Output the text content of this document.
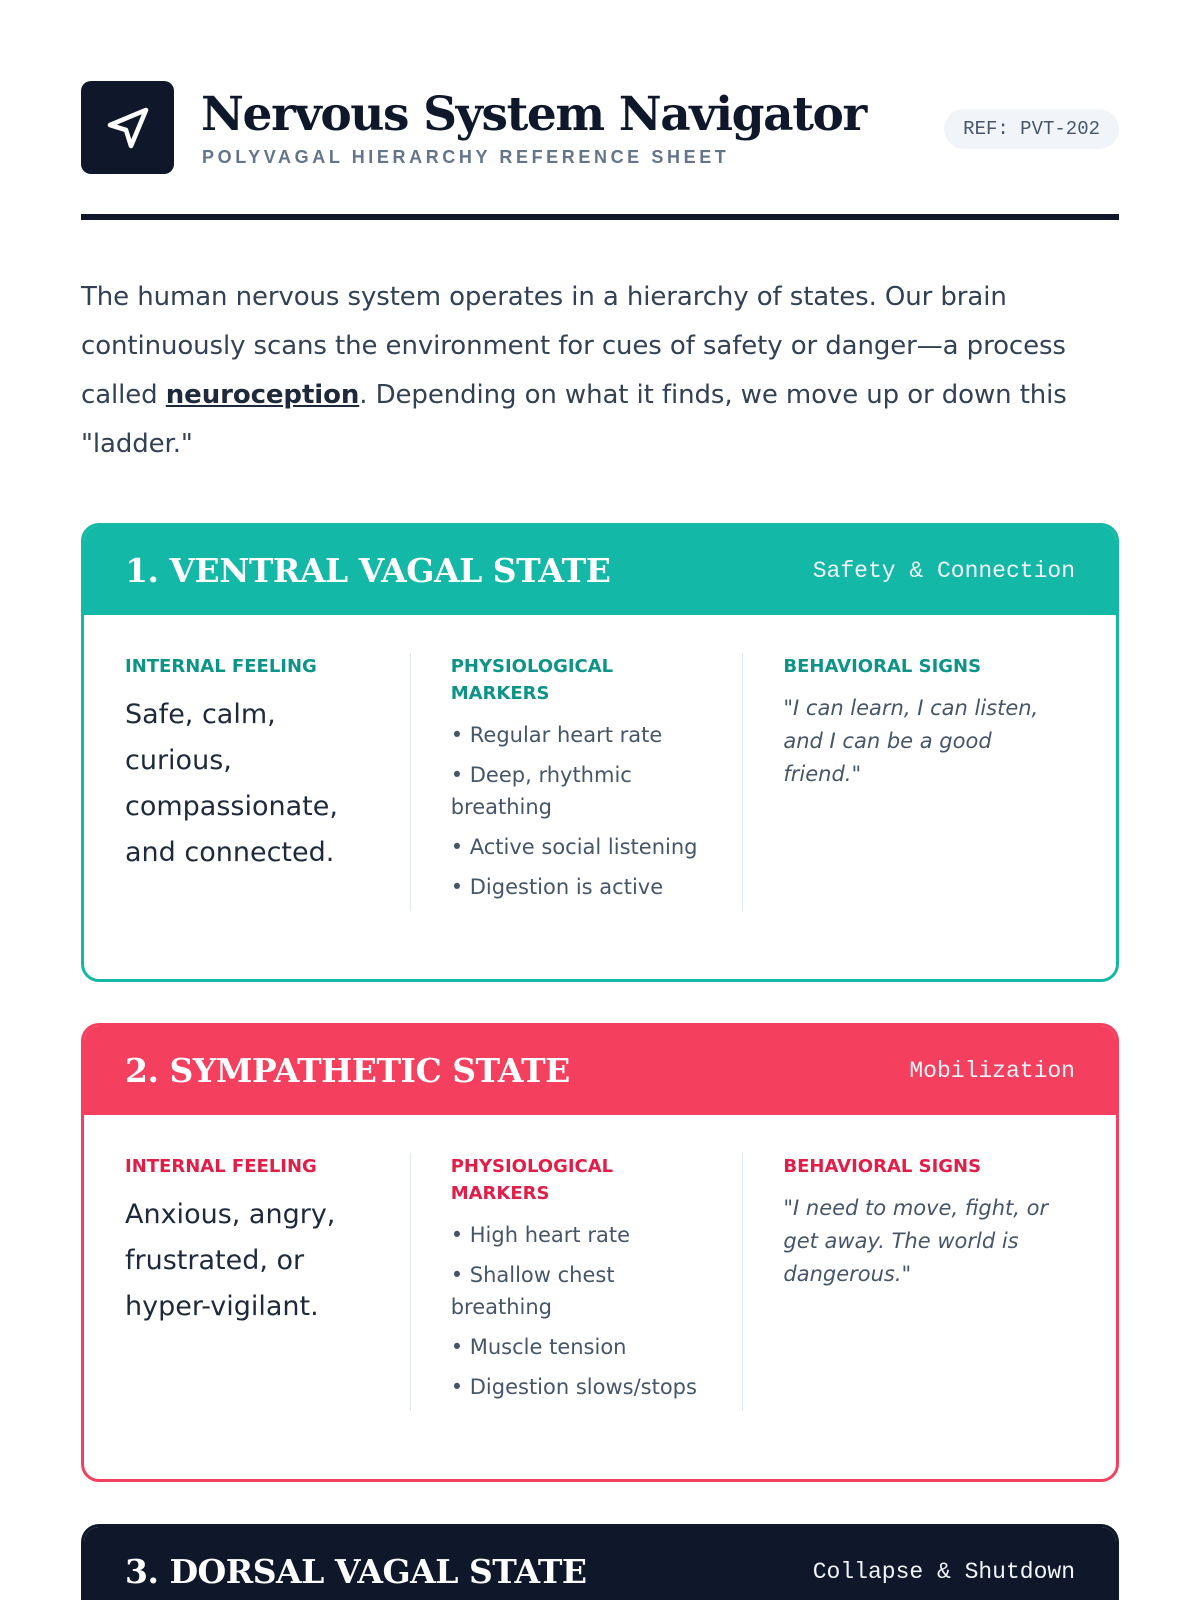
Nervous System Navigator
POLYVAGAL HIERARCHY REFERENCE SHEET
REF: PVT-202

The human nervous system operates in a hierarchy of states. Our brain continuously scans the environment for cues of safety or danger—a process called neuroception. Depending on what it finds, we move up or down this "ladder."

1. VENTRAL VAGAL STATE	Safety & Connection
INTERNAL FEELING
Safe, calm, curious, compassionate, and connected.
PHYSIOLOGICAL MARKERS
• Regular heart rate
• Deep, rhythmic breathing
• Active social listening
• Digestion is active
BEHAVIORAL SIGNS
"I can learn, I can listen, and I can be a good friend."
2. SYMPATHETIC STATE	Mobilization
INTERNAL FEELING
Anxious, angry, frustrated, or hyper-vigilant.
PHYSIOLOGICAL MARKERS
• High heart rate
• Shallow chest breathing
• Muscle tension
• Digestion slows/stops
BEHAVIORAL SIGNS
"I need to move, fight, or get away. The world is dangerous."
3. DORSAL VAGAL STATE	Collapse & Shutdown
